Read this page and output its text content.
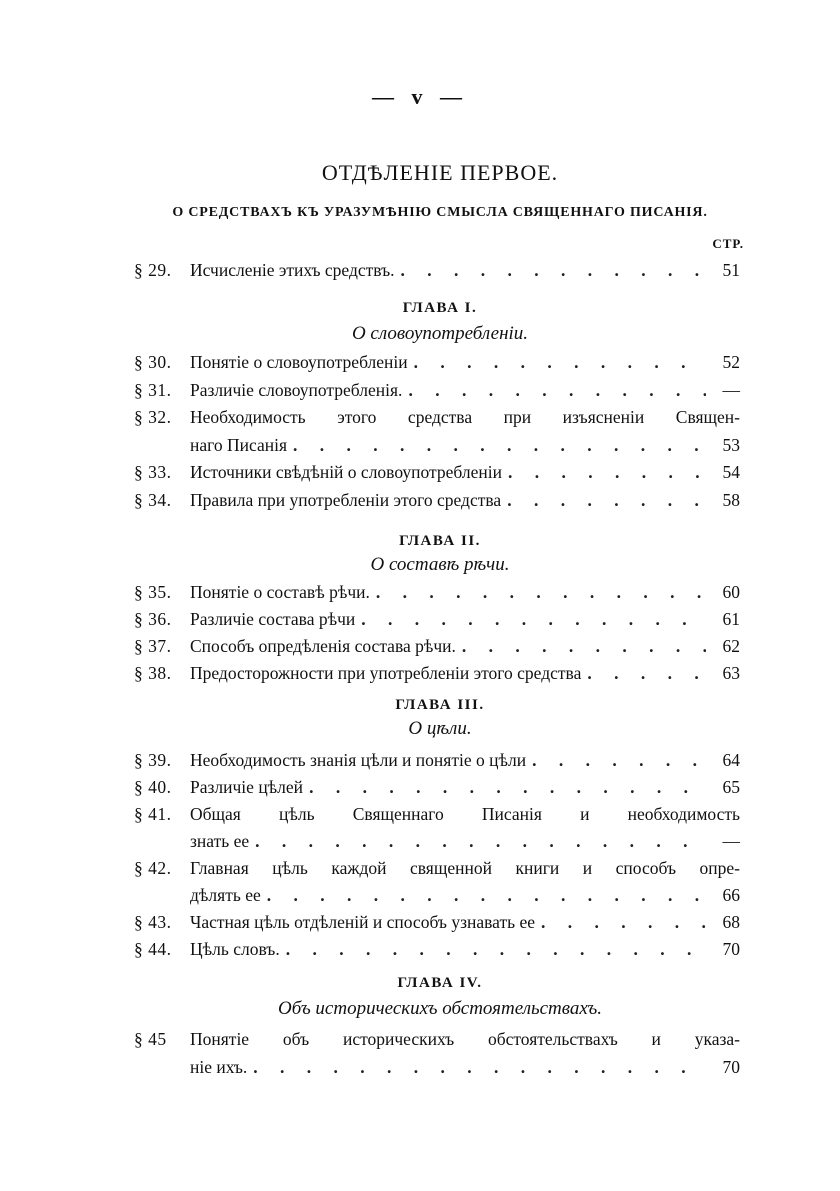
— v —
ОТДѢЛЕНІЕ ПЕРВОЕ.
О СРЕДСТВАХЪ КЪ УРАЗУМѢНІЮ СМЫСЛА СВЯЩЕННАГО ПИСАНІЯ.
СТР.
§ 29.	Исчисленіе этихъ средствъ. . . .	51
ГЛАВА I.
О словоупотребленіи.
§ 30.	Понятіе о словоупотребленіи . . .	52
§ 31.	Различіе словоупотребленія. . . .	—
§ 32.	Необходимость этого средства при изъясненіи Священ-
наго Писанія . . .	53
§ 33.	Источники свѣдѣній о словоупотребленіи . . .	54
§ 34.	Правила при употребленіи этого средства . . .	58
ГЛАВА II.
О составѣ рѣчи.
§ 35.	Понятіе о составѣ рѣчи. . . .	60
§ 36.	Различіе состава рѣчи . . .	61
§ 37.	Способъ опредѣленія состава рѣчи. . . .	62
§ 38.	Предосторожности при употребленіи этого средства . . .	63
ГЛАВА III.
О цѣли.
§ 39.	Необходимость знанія цѣли и понятіе о цѣли . . .	64
§ 40.	Различіе цѣлей . . .	65
§ 41.	Общая цѣль Священнаго Писанія и необходимость
знать ее . . .	—
§ 42.	Главная цѣль каждой священной книги и способъ опре-
дѣлять ее . . .	66
§ 43.	Частная цѣль отдѣленій и способъ узнавать ее . . .	68
§ 44.	Цѣль словъ. . . .	70
ГЛАВА IV.
Объ историческихъ обстоятельствахъ.
§ 45	Понятіе объ историческихъ обстоятельствахъ и указа-
ніе ихъ. . . .	70
